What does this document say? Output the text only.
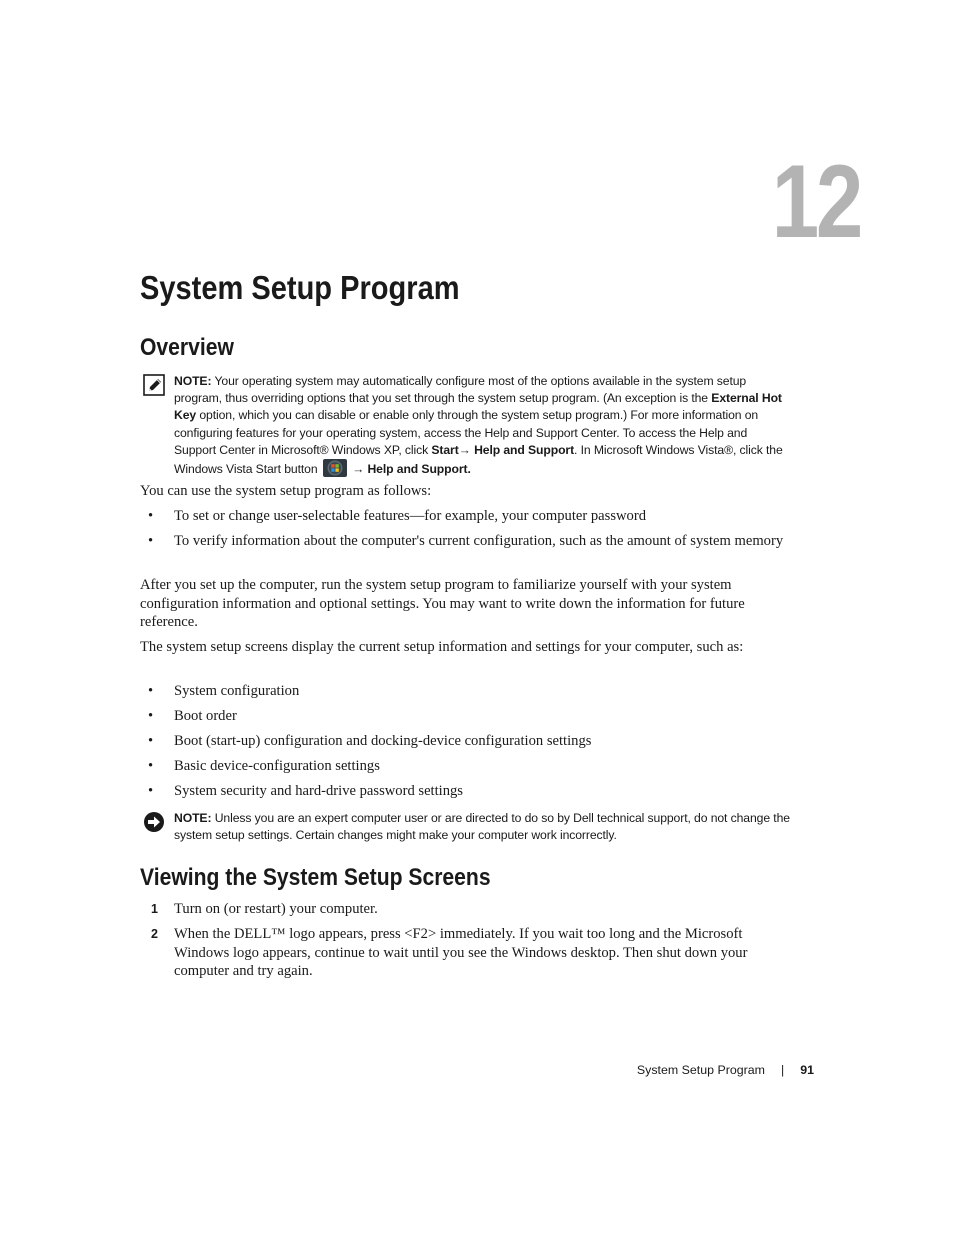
12
System Setup Program
Overview
NOTE: Your operating system may automatically configure most of the options available in the system setup program, thus overriding options that you set through the system setup program. (An exception is the External Hot Key option, which you can disable or enable only through the system setup program.) For more information on configuring features for your operating system, access the Help and Support Center. To access the Help and Support Center in Microsoft® Windows XP, click Start→ Help and Support. In Microsoft Windows Vista®, click the Windows Vista Start button	→ Help and Support.

You can use the system setup program as follows:

• To set or change user-selectable features—for example, your computer password
• To verify information about the computer's current configuration, such as the amount of system memory

After you set up the computer, run the system setup program to familiarize yourself with your system configuration information and optional settings. You may want to write down the information for future reference.

The system setup screens display the current setup information and settings for your computer, such as:

• System configuration
• Boot order
• Boot (start-up) configuration and docking-device configuration settings
• Basic device-configuration settings
• System security and hard-drive password settings
NOTE: Unless you are an expert computer user or are directed to do so by Dell technical support, do not change the system setup settings. Certain changes might make your computer work incorrectly.
Viewing the System Setup Screens
1 Turn on (or restart) your computer.
2 When the DELL™ logo appears, press <F2> immediately. If you wait too long and the Microsoft Windows logo appears, continue to wait until you see the Windows desktop. Then shut down your computer and try again.
System Setup Program | 91
